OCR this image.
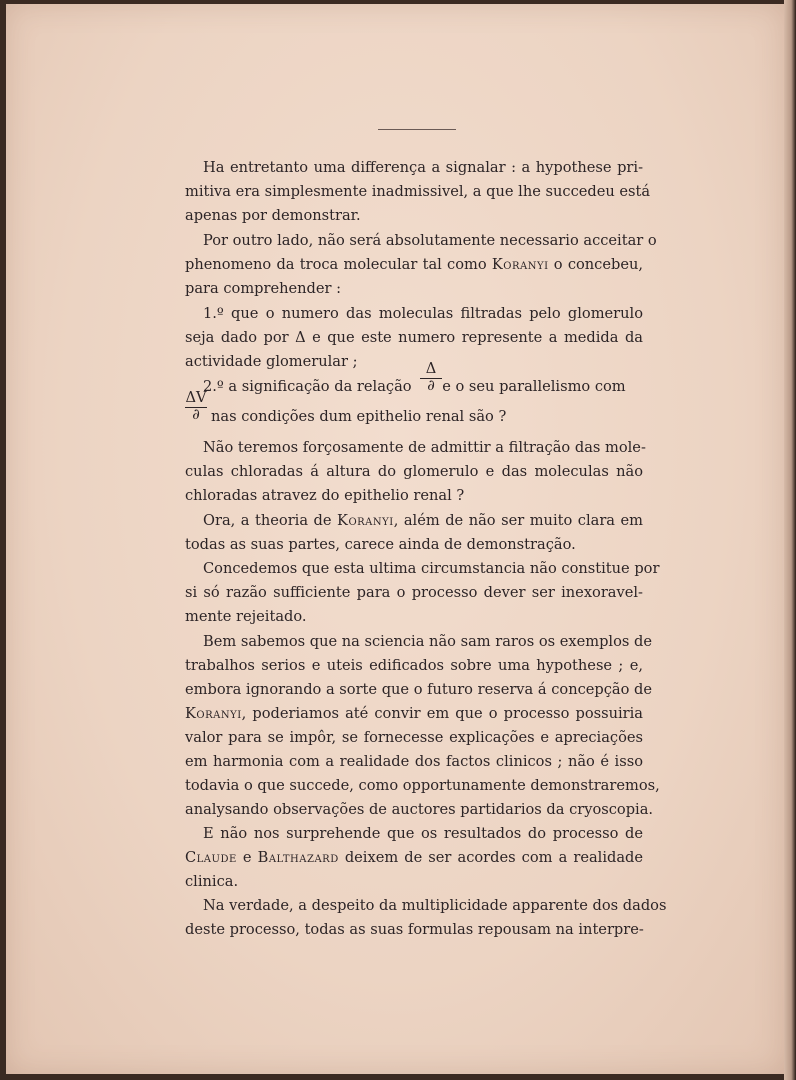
Ha entretanto uma differença a signalar : a hypothese pri-
mitiva era simplesmente inadmissivel, a que lhe succedeu está
apenas por demonstrar.
Por outro lado, não será absolutamente necessario acceitar o
phenomeno da troca molecular tal como Koranyi o concebeu,
para comprehender :
1.º que o numero das moleculas filtradas pelo glomerulo
seja dado por Δ e que este numero represente a medida da
actividade glomerular ;
2.º a significação da relação e o seu parallelismo com
nas condições dum epithelio renal são ?
Não teremos forçosamente de admittir a filtração das mole-
culas chloradas á altura do glomerulo e das moleculas não
chloradas atravez do epithelio renal ?
Ora, a theoria de Koranyi, além de não ser muito clara em
todas as suas partes, carece ainda de demonstração.
Concedemos que esta ultima circumstancia não constitue por
si só razão sufficiente para o processo dever ser inexoravel-
mente rejeitado.
Bem sabemos que na sciencia não sam raros os exemplos de
trabalhos serios e uteis edificados sobre uma hypothese ; e,
embora ignorando a sorte que o futuro reserva á concepção de
Koranyi, poderiamos até convir em que o processo possuiria
valor para se impôr, se fornecesse explicações e apreciações
em harmonia com a realidade dos factos clinicos ; não é isso
todavia o que succede, como opportunamente demonstraremos,
analysando observações de auctores partidarios da cryoscopia.
E não nos surprehende que os resultados do processo de
Claude e Balthazard deixem de ser acordes com a realidade
clinica.
Na verdade, a despeito da multiplicidade apparente dos dados
deste processo, todas as suas formulas repousam na interpre-
Δ
∂
ΔV
∂
